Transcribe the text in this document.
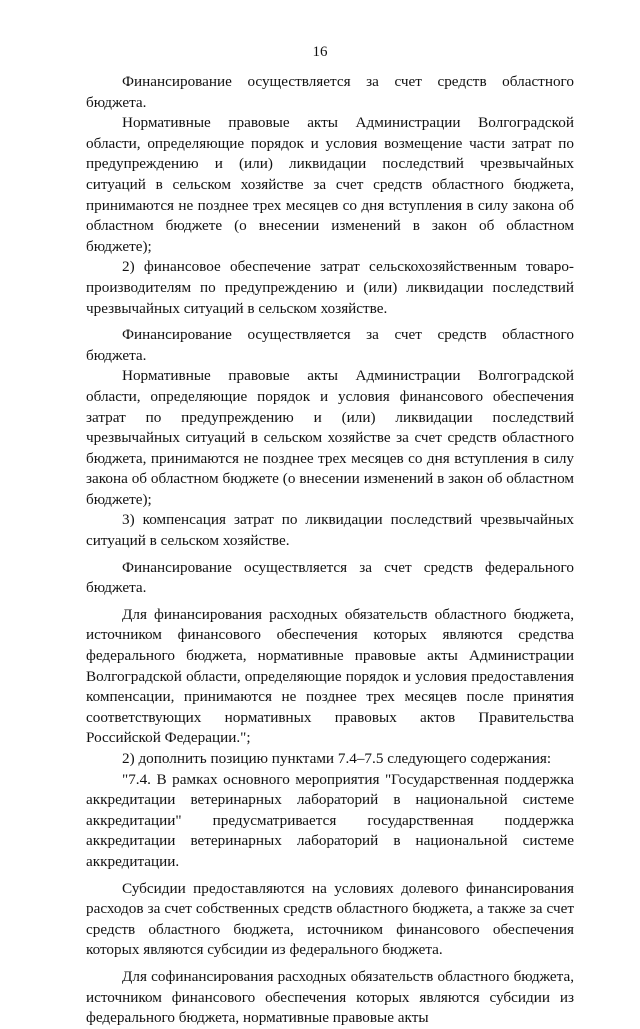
16

Финансирование осуществляется за счет средств областного бюджета.

Нормативные правовые акты Администрации Волгоградской области, определяющие порядок и условия возмещение части затрат по предупреждению и (или) ликвидации последствий чрезвычайных ситуаций в сельском хозяйстве за счет средств областного бюджета, принимаются не позднее трех месяцев со дня вступления в силу закона об областном бюджете (о внесении изменений в закон об областном бюджете);

2) финансовое обеспечение затрат сельскохозяйственным товаро-производителям по предупреждению и (или) ликвидации последствий чрезвычайных ситуаций в сельском хозяйстве.

Финансирование осуществляется за счет средств областного бюджета.

Нормативные правовые акты Администрации Волгоградской области, определяющие порядок и условия финансового обеспечения затрат по предупреждению и (или) ликвидации последствий чрезвычайных ситуаций в сельском хозяйстве за счет средств областного бюджета, принимаются не позднее трех месяцев со дня вступления в силу закона об областном бюджете (о внесении изменений в закон об областном бюджете);

3) компенсация затрат по ликвидации последствий чрезвычайных ситуаций в сельском хозяйстве.

Финансирование осуществляется за счет средств федерального бюджета.

Для финансирования расходных обязательств областного бюджета, источником финансового обеспечения которых являются средства федерального бюджета, нормативные правовые акты Администрации Волгоградской области, определяющие порядок и условия предоставления компенсации, принимаются не позднее трех месяцев после принятия соответствующих нормативных правовых актов Правительства Российской Федерации.";

2) дополнить позицию пунктами 7.4–7.5 следующего содержания:

"7.4. В рамках основного мероприятия "Государственная поддержка аккредитации ветеринарных лабораторий в национальной системе аккредитации" предусматривается государственная поддержка аккредитации ветеринарных лабораторий в национальной системе аккредитации.

Субсидии предоставляются на условиях долевого финансирования расходов за счет собственных средств областного бюджета, а также за счет средств областного бюджета, источником финансового обеспечения которых являются субсидии из федерального бюджета.

Для софинансирования расходных обязательств областного бюджета, источником финансового обеспечения которых являются субсидии из федерального бюджета, нормативные правовые акты
